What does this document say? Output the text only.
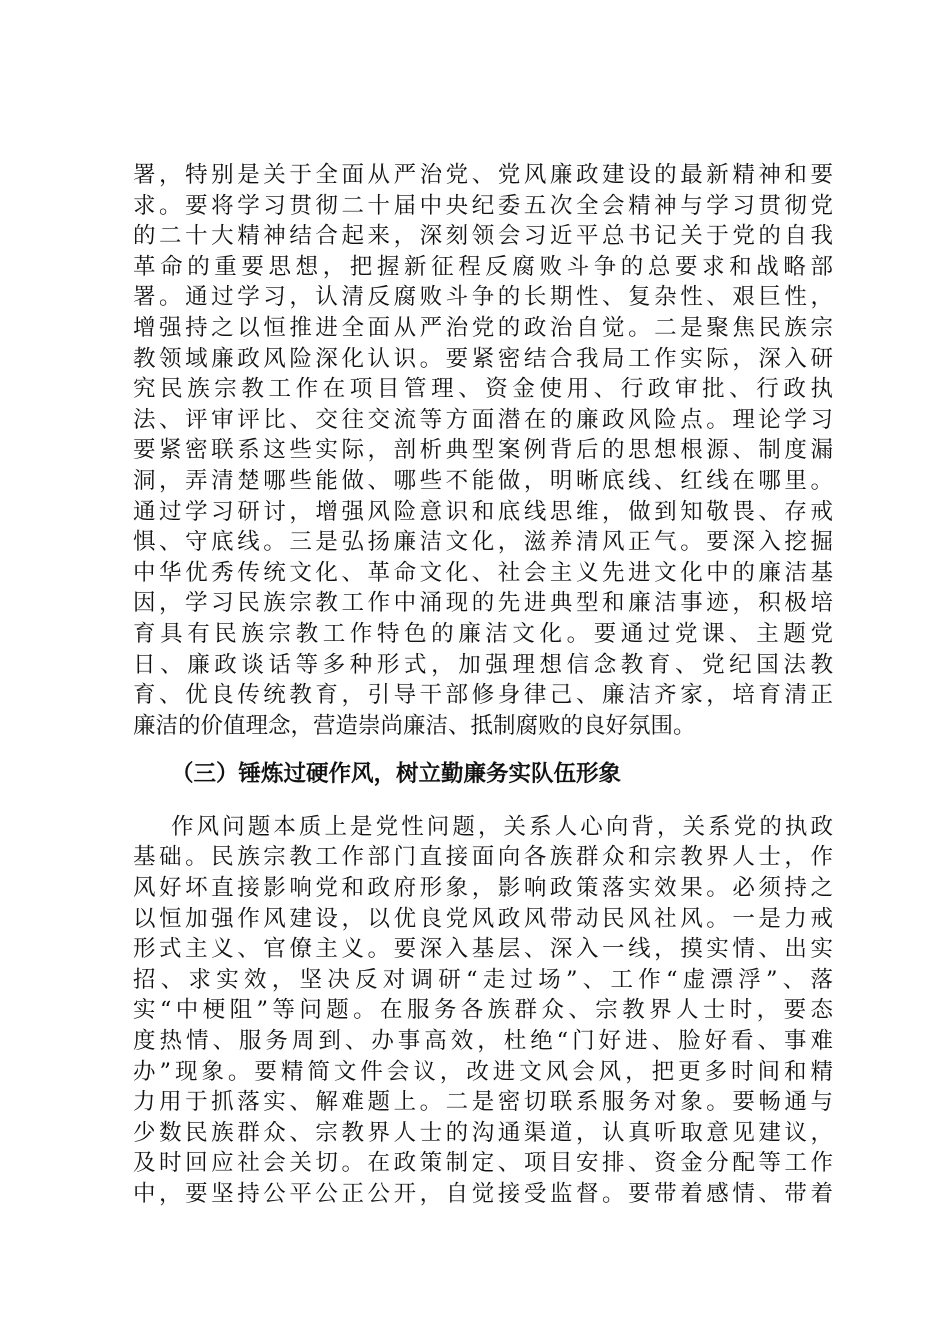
署，特别是关于全面从严治党、党风廉政建设的最新精神和要
求。要将学习贯彻二十届中央纪委五次全会精神与学习贯彻党
的二十大精神结合起来，深刻领会习近平总书记关于党的自我
革命的重要思想，把握新征程反腐败斗争的总要求和战略部
署。通过学习，认清反腐败斗争的长期性、复杂性、艰巨性，
增强持之以恒推进全面从严治党的政治自觉。二是聚焦民族宗
教领域廉政风险深化认识。要紧密结合我局工作实际，深入研
究民族宗教工作在项目管理、资金使用、行政审批、行政执
法、评审评比、交往交流等方面潜在的廉政风险点。理论学习
要紧密联系这些实际，剖析典型案例背后的思想根源、制度漏
洞，弄清楚哪些能做、哪些不能做，明晰底线、红线在哪里。
通过学习研讨，增强风险意识和底线思维，做到知敬畏、存戒
惧、守底线。三是弘扬廉洁文化，滋养清风正气。要深入挖掘
中华优秀传统文化、革命文化、社会主义先进文化中的廉洁基
因，学习民族宗教工作中涌现的先进典型和廉洁事迹，积极培
育具有民族宗教工作特色的廉洁文化。要通过党课、主题党
日、廉政谈话等多种形式，加强理想信念教育、党纪国法教
育、优良传统教育，引导干部修身律己、廉洁齐家，培育清正
廉洁的价值理念，营造崇尚廉洁、抵制腐败的良好氛围。
（三）锤炼过硬作风，树立勤廉务实队伍形象
作风问题本质上是党性问题，关系人心向背，关系党的执政
基础。民族宗教工作部门直接面向各族群众和宗教界人士，作
风好坏直接影响党和政府形象，影响政策落实效果。必须持之
以恒加强作风建设，以优良党风政风带动民风社风。一是力戒
形式主义、官僚主义。要深入基层、深入一线，摸实情、出实
招、求实效，坚决反对调研“走过场”、工作“虚漂浮”、落
实“中梗阻”等问题。在服务各族群众、宗教界人士时，要态
度热情、服务周到、办事高效，杜绝“门好进、脸好看、事难
办”现象。要精简文件会议，改进文风会风，把更多时间和精
力用于抓落实、解难题上。二是密切联系服务对象。要畅通与
少数民族群众、宗教界人士的沟通渠道，认真听取意见建议，
及时回应社会关切。在政策制定、项目安排、资金分配等工作
中，要坚持公平公正公开，自觉接受监督。要带着感情、带着
